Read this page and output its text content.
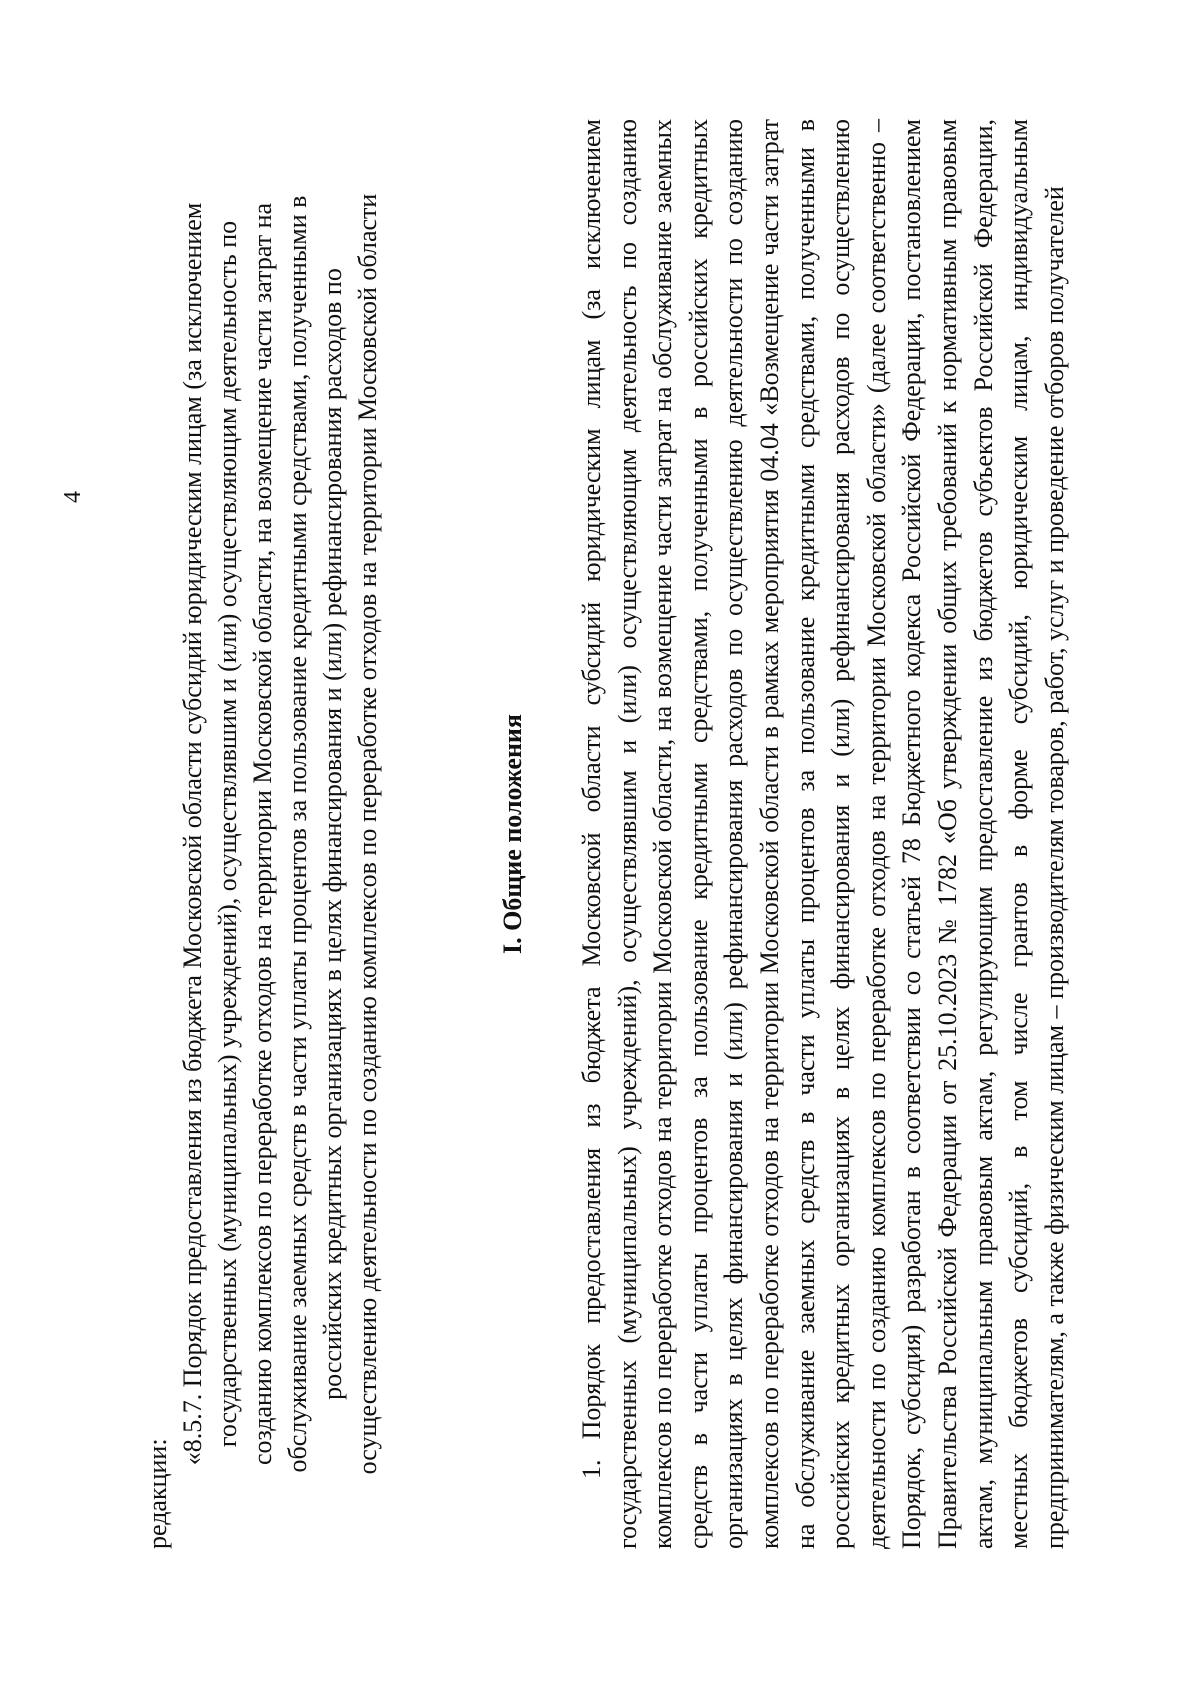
4
редакции:
«8.5.7. Порядок предоставления из бюджета Московской области субсидий юридическим лицам (за исключением государственных (муниципальных) учреждений), осуществлявшим и (или) осуществляющим деятельность по созданию комплексов по переработке отходов на территории Московской области, на возмещение части затрат на обслуживание заемных средств в части уплаты процентов за пользование кредитными средствами, полученными в российских кредитных организациях в целях финансирования и (или) рефинансирования расходов по осуществлению деятельности по созданию комплексов по переработке отходов на территории Московской области	I. Общие положения 1. Порядок предоставления из бюджета Московской области субсидий юридическим лицам (за исключением государственных (муниципальных) учреждений), осуществлявшим и (или) осуществляющим деятельность по созданию комплексов по переработке отходов на территории Московской области, на возмещение части затрат на обслуживание заемных средств в части уплаты процентов за пользование кредитными средствами, полученными в российских кредитных организациях в целях финансирования и (или) рефинансирования расходов по осуществлению деятельности по созданию комплексов по переработке отходов на территории Московской области в рамках мероприятия 04.04 «Возмещение части затрат на обслуживание заемных средств в части уплаты процентов за пользование кредитными средствами, полученными в российских кредитных организациях в целях финансирования и (или) рефинансирования расходов по осуществлению деятельности по созданию комплексов по переработке отходов на территории Московской области» (далее соответственно – Порядок, субсидия) разработан в соответствии со статьей 78 Бюджетного кодекса Российской Федерации, постановлением Правительства Российской Федерации от 25.10.2023 № 1782 «Об утверждении общих требований к нормативным правовым актам, муниципальным правовым актам, регулирующим предоставление из бюджетов субъектов Российской Федерации, местных бюджетов субсидий, в том числе грантов в форме субсидий, юридическим лицам, индивидуальным предпринимателям, а также физическим лицам – производителям товаров, работ, услуг и проведение отборов получателей
